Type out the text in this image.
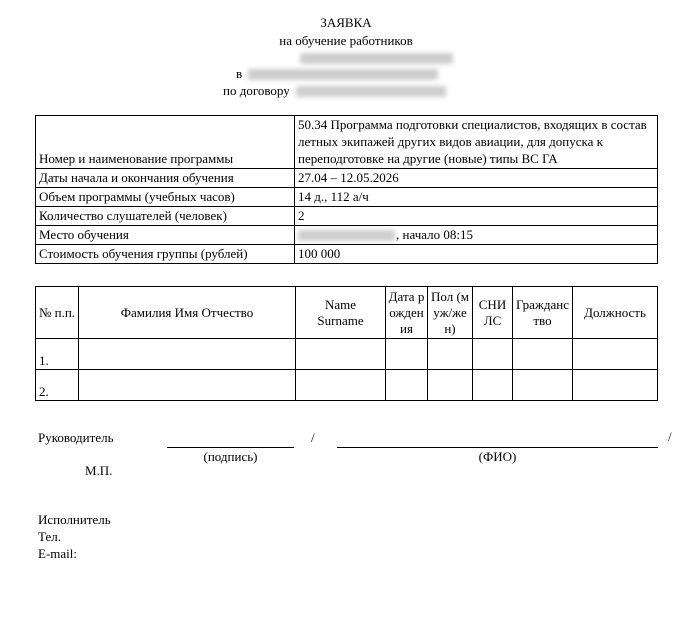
ЗАЯВКА
на обучение работников
в
по договору
Номер и наименование программы	50.34 Программа подготовки специалистов, входящих в состав летных экипажей других видов авиации, для допуска к переподготовке на другие (новые) типы ВС ГА
Даты начала и окончания обучения	27.04 – 12.05.2026
Объем программы (учебных часов)	14 д., 112 а/ч
Количество слушателей (человек)	2
Место обучения	, начало 08:15
Стоимость обучения группы (рублей)	100 000
№ п.п.	Фамилия Имя Отчество	Name Surname	Дата рождения	Пол (муж/жен)	СНИЛС	Гражданство	Должность
1.							
2.							
Руководитель	/	/
(подпись)	(ФИО)
М.П.
Исполнитель
Тел.
E-mail:
